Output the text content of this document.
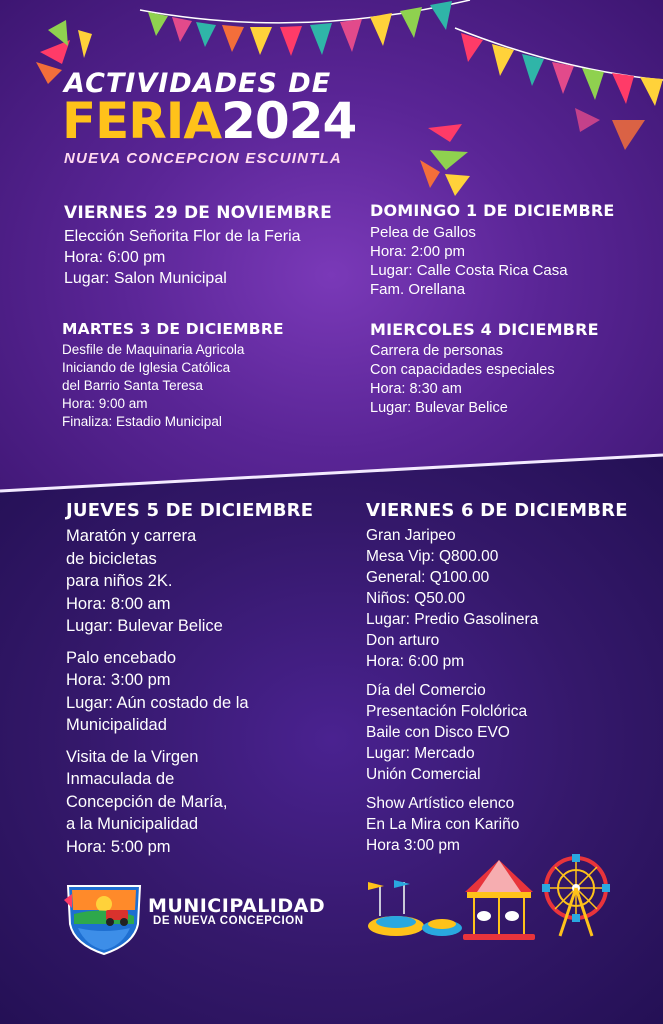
ACTIVIDADES DE
FERIA2024
NUEVA CONCEPCION ESCUINTLA
VIERNES 29 DE NOVIEMBRE
Elección Señorita Flor de la Feria
Hora: 6:00 pm
Lugar: Salon Municipal
DOMINGO 1 DE DICIEMBRE
Pelea de Gallos
Hora: 2:00 pm
Lugar: Calle Costa Rica Casa
Fam. Orellana
MARTES 3 DE DICIEMBRE
Desfile de Maquinaria Agricola
Iniciando de Iglesia Católica
del Barrio Santa Teresa
Hora: 9:00 am
Finaliza: Estadio Municipal
MIERCOLES 4 DICIEMBRE
Carrera de personas
Con capacidades especiales
Hora: 8:30 am
Lugar: Bulevar Belice
JUEVES 5 DE DICIEMBRE
Maratón y carrera
de bicicletas
para niños 2K.
Hora: 8:00 am
Lugar: Bulevar Belice
Palo encebado
Hora: 3:00 pm
Lugar: Aún costado de la
Municipalidad
Visita de la Virgen
Inmaculada de
Concepción de María,
a la Municipalidad
Hora: 5:00 pm
VIERNES 6 DE DICIEMBRE
Gran Jaripeo
Mesa Vip: Q800.00
General: Q100.00
Niños: Q50.00
Lugar: Predio Gasolinera
Don arturo
Hora: 6:00 pm
Día del Comercio
Presentación Folclórica
Baile con Disco EVO
Lugar: Mercado
Unión Comercial
Show Artístico elenco
En La Mira con Kariño
Hora 3:00 pm
MUNICIPALIDAD
DE NUEVA CONCEPCION
